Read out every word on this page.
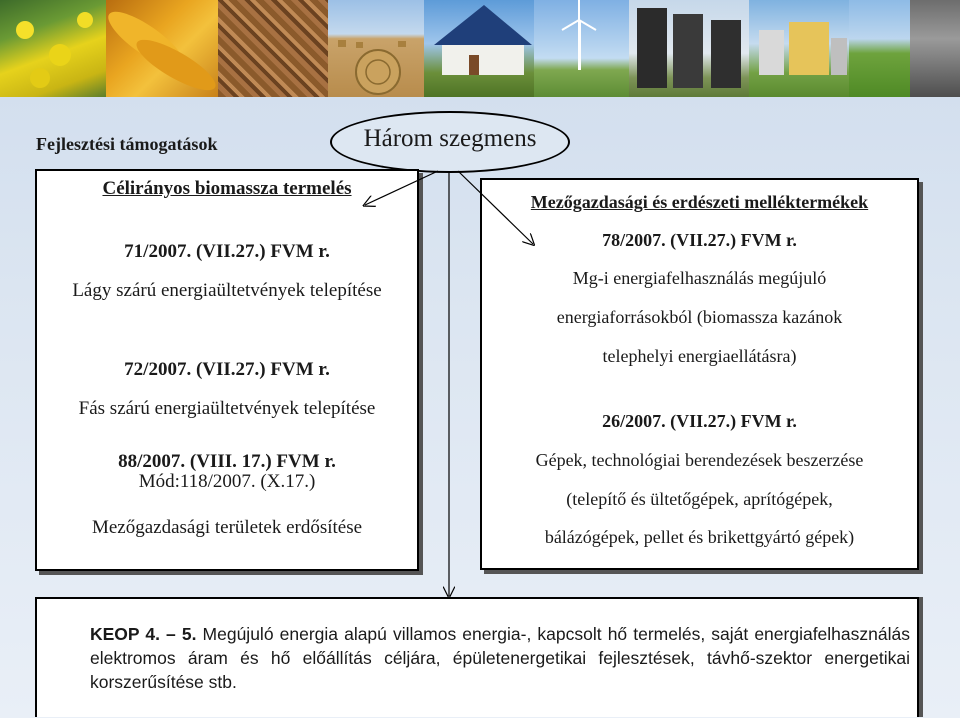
Fejlesztési támogatások	Három szegmens
Célirányos biomassza termelés
71/2007. (VII.27.) FVM r.
Lágy szárú energiaültetvények telepítése
72/2007. (VII.27.) FVM r.
Fás szárú energiaültetvények telepítése
88/2007. (VIII. 17.) FVM r.
Mód:118/2007. (X.17.)
Mezőgazdasági területek erdősítése
Mezőgazdasági és erdészeti melléktermékek
78/2007. (VII.27.) FVM r.
Mg-i energiafelhasználás megújuló
energiaforrásokból (biomassza kazánok
telephelyi energiaellátásra)
26/2007. (VII.27.) FVM r.
Gépek, technológiai berendezések beszerzése
(telepítő és ültetőgépek, aprítógépek,
bálázógépek, pellet és brikettgyártó gépek)
KEOP 4. – 5. Megújuló energia alapú villamos energia-, kapcsolt hő termelés, saját energiafelhasználás elektromos áram és hő előállítás céljára, épületenergetikai fejlesztések, távhő-szektor energetikai korszerűsítése stb.
